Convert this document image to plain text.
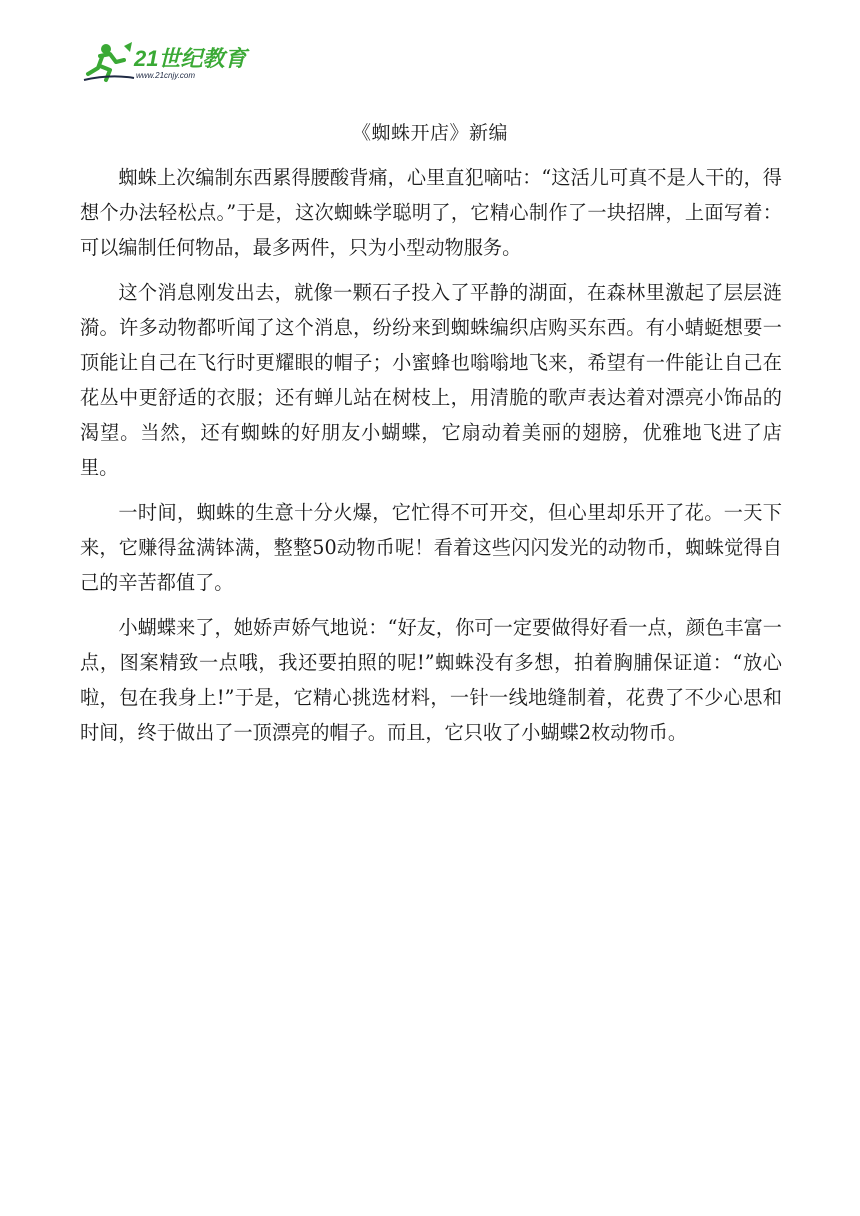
21世纪教育
www.21cnjy.com
《蜘蛛开店》新编

蜘蛛上次编制东西累得腰酸背痛，心里直犯嘀咕：“这活儿可真不是人干的，得想个办法轻松点。”于是，这次蜘蛛学聪明了，它精心制作了一块招牌，上面写着：可以编制任何物品，最多两件，只为小型动物服务。

这个消息刚发出去，就像一颗石子投入了平静的湖面，在森林里激起了层层涟漪。许多动物都听闻了这个消息，纷纷来到蜘蛛编织店购买东西。有小蜻蜓想要一顶能让自己在飞行时更耀眼的帽子；小蜜蜂也嗡嗡地飞来，希望有一件能让自己在花丛中更舒适的衣服；还有蝉儿站在树枝上，用清脆的歌声表达着对漂亮小饰品的渴望。当然，还有蜘蛛的好朋友小蝴蝶，它扇动着美丽的翅膀，优雅地飞进了店里。

一时间，蜘蛛的生意十分火爆，它忙得不可开交，但心里却乐开了花。一天下来，它赚得盆满钵满，整整50动物币呢！看着这些闪闪发光的动物币，蜘蛛觉得自己的辛苦都值了。

小蝴蝶来了，她娇声娇气地说：“好友，你可一定要做得好看一点，颜色丰富一点，图案精致一点哦，我还要拍照的呢!”蜘蛛没有多想，拍着胸脯保证道：“放心啦，包在我身上!”于是，它精心挑选材料，一针一线地缝制着，花费了不少心思和时间，终于做出了一顶漂亮的帽子。而且，它只收了小蝴蝶2枚动物币。
